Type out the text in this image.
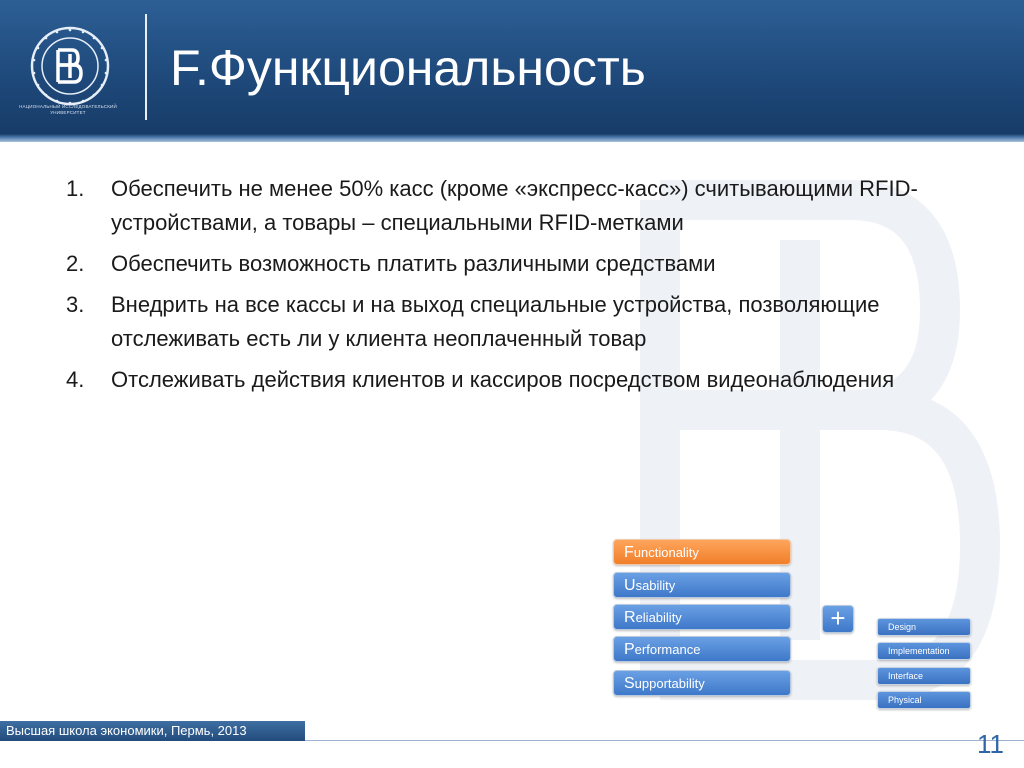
НАЦИОНАЛЬНЫЙ ИССЛЕДОВАТЕЛЬСКИЙ УНИВЕРСИТЕТ
F.Функциональность
1. Обеспечить не менее 50% касс (кроме «экспресс-касс») считывающими RFID-устройствами, а товары – специальными RFID-метками
2. Обеспечить возможность платить различными средствами
3. Внедрить на все кассы и на выход специальные устройства, позволяющие отслеживать есть ли у клиента неоплаченный товар
4. Отслеживать действия клиентов и кассиров посредством видеонаблюдения
Functionality
Usability
Reliability
Performance
Supportability
+	Design
Implementation
Interface
Physical
Высшая школа экономики, Пермь, 2013	11
